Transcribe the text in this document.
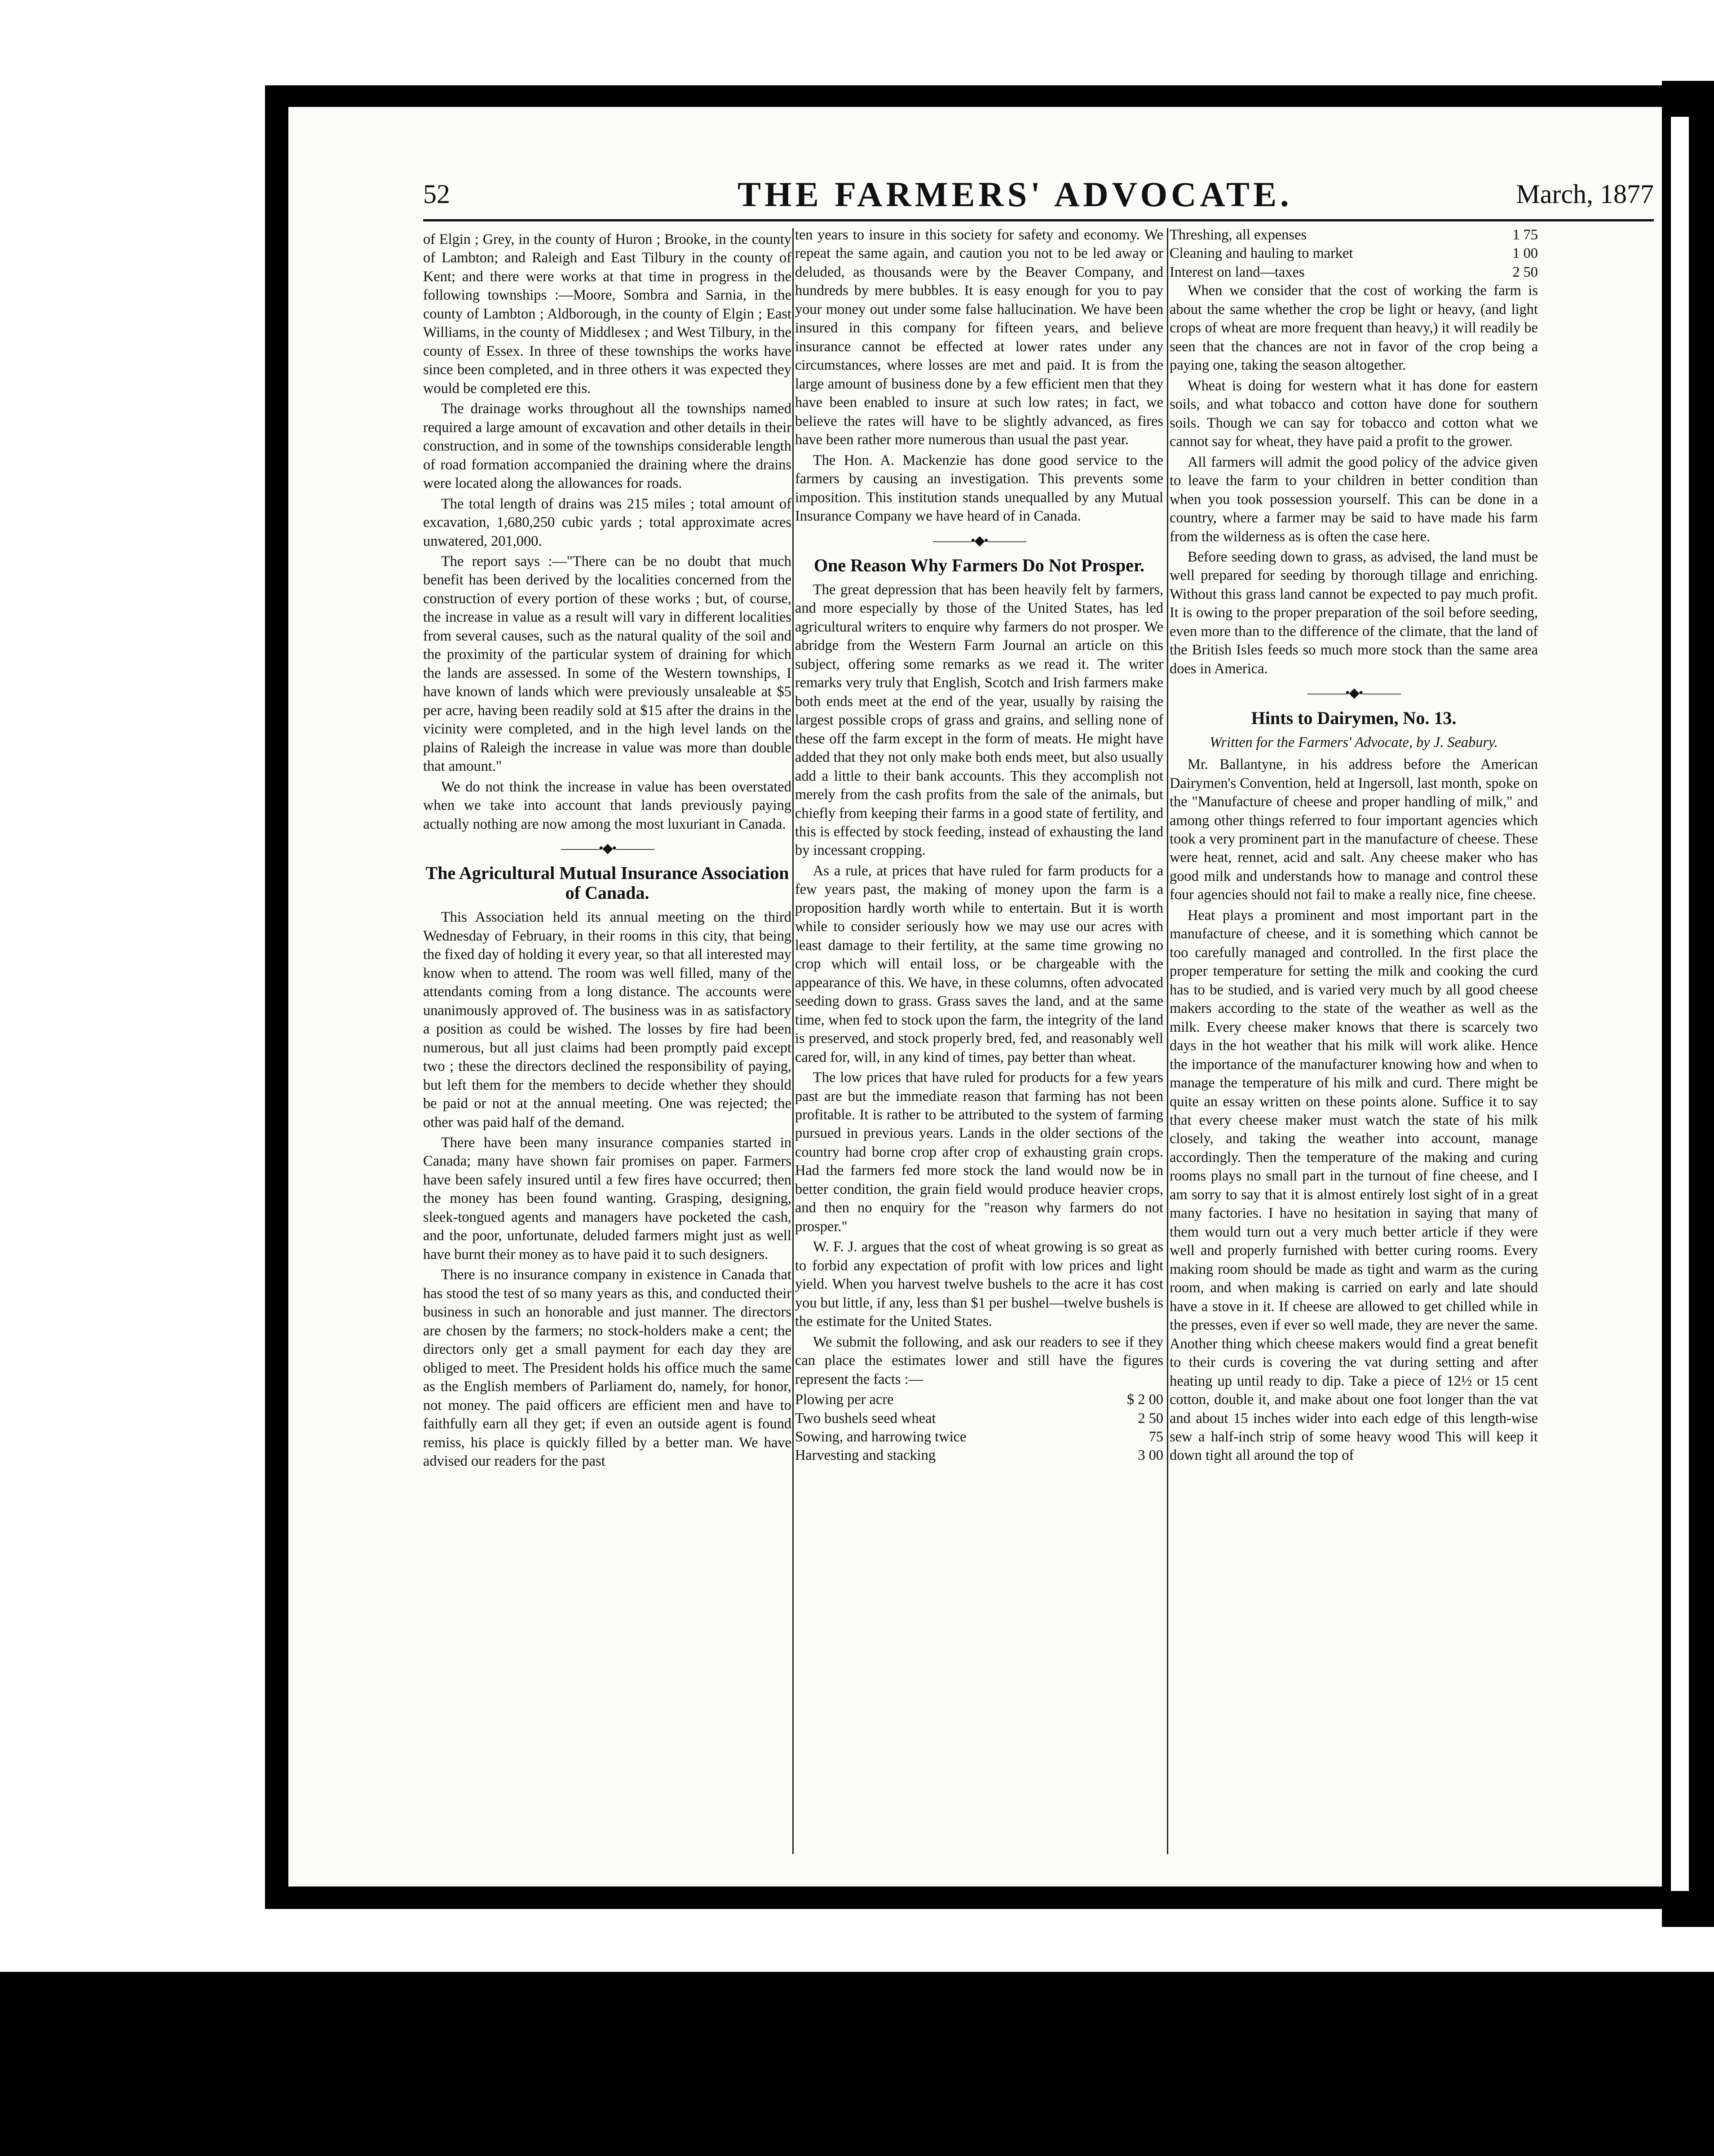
52	THE FARMERS' ADVOCATE.	March, 1877

of Elgin ; Grey, in the county of Huron ; Brooke, in the county of Lambton; and Raleigh and East Tilbury in the county of Kent; and there were works at that time in progress in the following townships :—Moore, Sombra and Sarnia, in the county of Lambton ; Aldborough, in the county of Elgin ; East Williams, in the county of Middlesex ; and West Tilbury, in the county of Essex. In three of these townships the works have since been completed, and in three others it was expected they would be completed ere this.

The drainage works throughout all the townships named required a large amount of excavation and other details in their construction, and in some of the townships considerable length of road formation accompanied the draining where the drains were located along the allowances for roads.

The total length of drains was 215 miles ; total amount of excavation, 1,680,250 cubic yards ; total approximate acres unwatered, 201,000.

The report says :—"There can be no doubt that much benefit has been derived by the localities concerned from the construction of every portion of these works ; but, of course, the increase in value as a result will vary in different localities from several causes, such as the natural quality of the soil and the proximity of the particular system of draining for which the lands are assessed. In some of the Western townships, I have known of lands which were previously unsaleable at $5 per acre, having been readily sold at $15 after the drains in the vicinity were completed, and in the high level lands on the plains of Raleigh the increase in value was more than double that amount."

We do not think the increase in value has been overstated when we take into account that lands previously paying actually nothing are now among the most luxuriant in Canada.

———•◆•———
The Agricultural Mutual Insurance Association of Canada.

This Association held its annual meeting on the third Wednesday of February, in their rooms in this city, that being the fixed day of holding it every year, so that all interested may know when to attend. The room was well filled, many of the attendants coming from a long distance. The accounts were unanimously approved of. The business was in as satisfactory a position as could be wished. The losses by fire had been numerous, but all just claims had been promptly paid except two ; these the directors declined the responsibility of paying, but left them for the members to decide whether they should be paid or not at the annual meeting. One was rejected; the other was paid half of the demand.

There have been many insurance companies started in Canada; many have shown fair promises on paper. Farmers have been safely insured until a few fires have occurred; then the money has been found wanting. Grasping, designing, sleek-tongued agents and managers have pocketed the cash, and the poor, unfortunate, deluded farmers might just as well have burnt their money as to have paid it to such designers.

There is no insurance company in existence in Canada that has stood the test of so many years as this, and conducted their business in such an honorable and just manner. The directors are chosen by the farmers; no stock-holders make a cent; the directors only get a small payment for each day they are obliged to meet. The President holds his office much the same as the English members of Parliament do, namely, for honor, not money. The paid officers are efficient men and have to faithfully earn all they get; if even an outside agent is found remiss, his place is quickly filled by a better man. We have advised our readers for the past

ten years to insure in this society for safety and economy. We repeat the same again, and caution you not to be led away or deluded, as thousands were by the Beaver Company, and hundreds by mere bubbles. It is easy enough for you to pay your money out under some false hallucination. We have been insured in this company for fifteen years, and believe insurance cannot be effected at lower rates under any circumstances, where losses are met and paid. It is from the large amount of business done by a few efficient men that they have been enabled to insure at such low rates; in fact, we believe the rates will have to be slightly advanced, as fires have been rather more numerous than usual the past year.

The Hon. A. Mackenzie has done good service to the farmers by causing an investigation. This prevents some imposition. This institution stands unequalled by any Mutual Insurance Company we have heard of in Canada.

———•◆•———
One Reason Why Farmers Do Not Prosper.

The great depression that has been heavily felt by farmers, and more especially by those of the United States, has led agricultural writers to enquire why farmers do not prosper. We abridge from the Western Farm Journal an article on this subject, offering some remarks as we read it. The writer remarks very truly that English, Scotch and Irish farmers make both ends meet at the end of the year, usually by raising the largest possible crops of grass and grains, and selling none of these off the farm except in the form of meats. He might have added that they not only make both ends meet, but also usually add a little to their bank accounts. This they accomplish not merely from the cash profits from the sale of the animals, but chiefly from keeping their farms in a good state of fertility, and this is effected by stock feeding, instead of exhausting the land by incessant cropping.

As a rule, at prices that have ruled for farm products for a few years past, the making of money upon the farm is a proposition hardly worth while to entertain. But it is worth while to consider seriously how we may use our acres with least damage to their fertility, at the same time growing no crop which will entail loss, or be chargeable with the appearance of this. We have, in these columns, often advocated seeding down to grass. Grass saves the land, and at the same time, when fed to stock upon the farm, the integrity of the land is preserved, and stock properly bred, fed, and reasonably well cared for, will, in any kind of times, pay better than wheat.

The low prices that have ruled for products for a few years past are but the immediate reason that farming has not been profitable. It is rather to be attributed to the system of farming pursued in previous years. Lands in the older sections of the country had borne crop after crop of exhausting grain crops. Had the farmers fed more stock the land would now be in better condition, the grain field would produce heavier crops, and then no enquiry for the "reason why farmers do not prosper."

W. F. J. argues that the cost of wheat growing is so great as to forbid any expectation of profit with low prices and light yield. When you harvest twelve bushels to the acre it has cost you but little, if any, less than $1 per bushel—twelve bushels is the estimate for the United States.

We submit the following, and ask our readers to see if they can place the estimates lower and still have the figures represent the facts :—

Plowing per acre	$ 2 00
Two bushels seed wheat	2 50
Sowing, and harrowing twice	75
Harvesting and stacking	3 00
Threshing, all expenses	1 75
Cleaning and hauling to market	1 00
Interest on land—taxes	2 50

When we consider that the cost of working the farm is about the same whether the crop be light or heavy, (and light crops of wheat are more frequent than heavy,) it will readily be seen that the chances are not in favor of the crop being a paying one, taking the season altogether.

Wheat is doing for western what it has done for eastern soils, and what tobacco and cotton have done for southern soils. Though we can say for tobacco and cotton what we cannot say for wheat, they have paid a profit to the grower.

All farmers will admit the good policy of the advice given to leave the farm to your children in better condition than when you took possession yourself. This can be done in a country, where a farmer may be said to have made his farm from the wilderness as is often the case here.

Before seeding down to grass, as advised, the land must be well prepared for seeding by thorough tillage and enriching. Without this grass land cannot be expected to pay much profit. It is owing to the proper preparation of the soil before seeding, even more than to the difference of the climate, that the land of the British Isles feeds so much more stock than the same area does in America.

———•◆•———
Hints to Dairymen, No. 13.
Written for the Farmers' Advocate, by J. Seabury.

Mr. Ballantyne, in his address before the American Dairymen's Convention, held at Ingersoll, last month, spoke on the "Manufacture of cheese and proper handling of milk," and among other things referred to four important agencies which took a very prominent part in the manufacture of cheese. These were heat, rennet, acid and salt. Any cheese maker who has good milk and understands how to manage and control these four agencies should not fail to make a really nice, fine cheese.

Heat plays a prominent and most important part in the manufacture of cheese, and it is something which cannot be too carefully managed and controlled. In the first place the proper temperature for setting the milk and cooking the curd has to be studied, and is varied very much by all good cheese makers according to the state of the weather as well as the milk. Every cheese maker knows that there is scarcely two days in the hot weather that his milk will work alike. Hence the importance of the manufacturer knowing how and when to manage the temperature of his milk and curd. There might be quite an essay written on these points alone. Suffice it to say that every cheese maker must watch the state of his milk closely, and taking the weather into account, manage accordingly. Then the temperature of the making and curing rooms plays no small part in the turnout of fine cheese, and I am sorry to say that it is almost entirely lost sight of in a great many factories. I have no hesitation in saying that many of them would turn out a very much better article if they were well and properly furnished with better curing rooms. Every making room should be made as tight and warm as the curing room, and when making is carried on early and late should have a stove in it. If cheese are allowed to get chilled while in the presses, even if ever so well made, they are never the same. Another thing which cheese makers would find a great benefit to their curds is covering the vat during setting and after heating up until ready to dip. Take a piece of 12½ or 15 cent cotton, double it, and make about one foot longer than the vat and about 15 inches wider into each edge of this length-wise sew a half-inch strip of some heavy wood This will keep it down tight all around the top of
